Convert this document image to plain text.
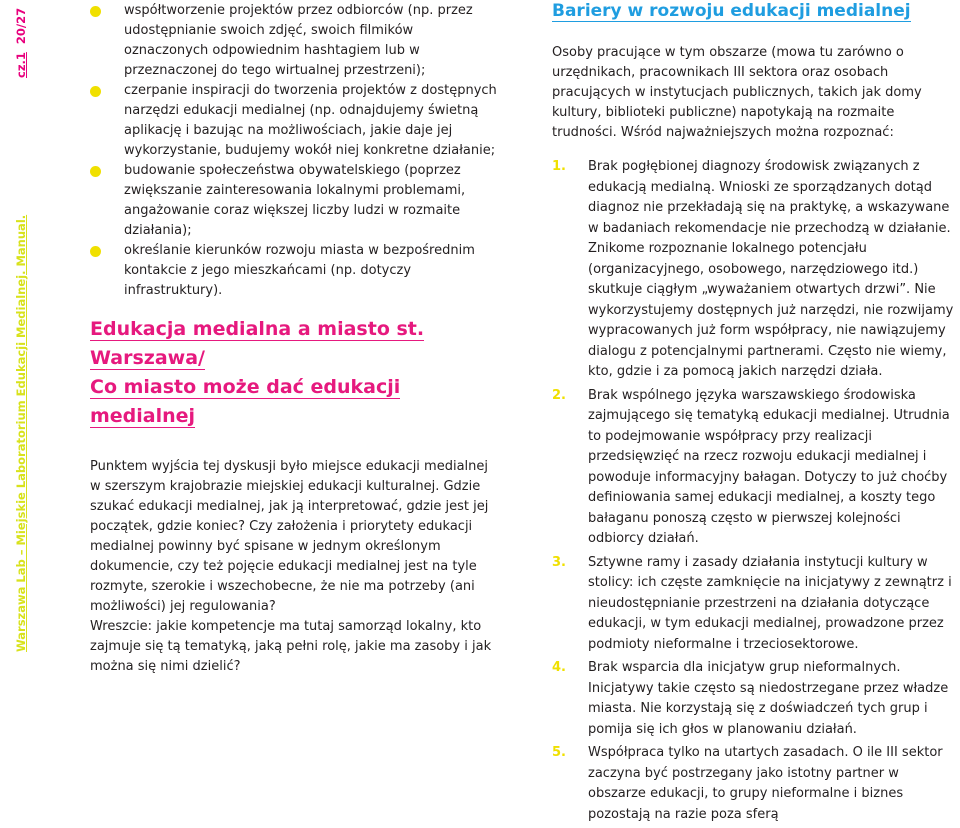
Warszawa Lab – Miejskie Laboratorium Edukacji Medialnej. Manual.
cz.1  20/27	współtworzenie projektów przez odbiorców (np. przez udostępnianie swoich zdjęć, swoich filmików oznaczonych odpowiednim hashtagiem lub w przeznaczonej do tego wirtualnej przestrzeni);
czerpanie inspiracji do tworzenia projektów z dostępnych narzędzi edukacji medialnej (np. odnajdujemy świetną aplikację i bazując na możliwościach, jakie daje jej wykorzystanie, budujemy wokół niej konkretne działanie;
budowanie społeczeństwa obywatelskiego (poprzez zwiększanie zainteresowania lokalnymi problemami, angażowanie coraz większej liczby ludzi w rozmaite działania);
określanie kierunków rozwoju miasta w bezpośrednim kontakcie z jego mieszkańcami (np. dotyczy infrastruktury).
Edukacja medialna a miasto st. Warszawa/
Co miasto może dać edukacji medialnej

Punktem wyjścia tej dyskusji było miejsce edukacji medialnej w szerszym krajobrazie miejskiej edukacji kulturalnej. Gdzie szukać edukacji medialnej, jak ją interpretować, gdzie jest jej początek, gdzie koniec? Czy założenia i priorytety edukacji medialnej powinny być spisane w jednym określonym dokumencie, czy też pojęcie edukacji medialnej jest na tyle rozmyte, szerokie i wszechobecne, że nie ma potrzeby (ani możliwości) jej regulowania?

Wreszcie: jakie kompetencje ma tutaj samorząd lokalny, kto zajmuje się tą tematyką, jaką pełni rolę, jakie ma zasoby i jak można się nimi dzielić?

Bariery w rozwoju edukacji medialnej

Osoby pracujące w tym obszarze (mowa tu zarówno o urzędnikach, pracownikach III sektora oraz osobach pracujących w instytucjach publicznych, takich jak domy kultury, biblioteki publiczne) napotykają na rozmaite trudności. Wśród najważniejszych można rozpoznać:

1. Brak pogłębionej diagnozy środowisk związanych z edukacją medialną. Wnioski ze sporządzanych dotąd diagnoz nie przekładają się na praktykę, a wskazywane w badaniach rekomendacje nie przechodzą w działanie. Znikome rozpoznanie lokalnego potencjału (organizacyjnego, osobowego, narzędziowego itd.) skutkuje ciągłym „wyważaniem otwartych drzwi”. Nie wykorzystujemy dostępnych już narzędzi, nie rozwijamy wypracowanych już form współpracy, nie nawiązujemy dialogu z potencjalnymi partnerami. Często nie wiemy, kto, gdzie i za pomocą jakich narzędzi działa.
2. Brak wspólnego języka warszawskiego środowiska zajmującego się tematyką edukacji medialnej. Utrudnia to podejmowanie współpracy przy realizacji przedsięwzięć na rzecz rozwoju edukacji medialnej i powoduje informacyjny bałagan. Dotyczy to już choćby definiowania samej edukacji medialnej, a koszty tego bałaganu ponoszą często w pierwszej kolejności odbiorcy działań.
3. Sztywne ramy i zasady działania instytucji kultury w stolicy: ich częste zamknięcie na inicjatywy z zewnątrz i nieudostępnianie przestrzeni na działania dotyczące edukacji, w tym edukacji medialnej, prowadzone przez podmioty nieformalne i trzeciosektorowe.
4. Brak wsparcia dla inicjatyw grup nieformalnych. Inicjatywy takie często są niedostrzegane przez władze miasta. Nie korzystają się z doświadczeń tych grup i pomija się ich głos w planowaniu działań.
5. Współpraca tylko na utartych zasadach. O ile III sektor zaczyna być postrzegany jako istotny partner w obszarze edukacji, to grupy nieformalne i biznes pozostają na razie poza sferą
